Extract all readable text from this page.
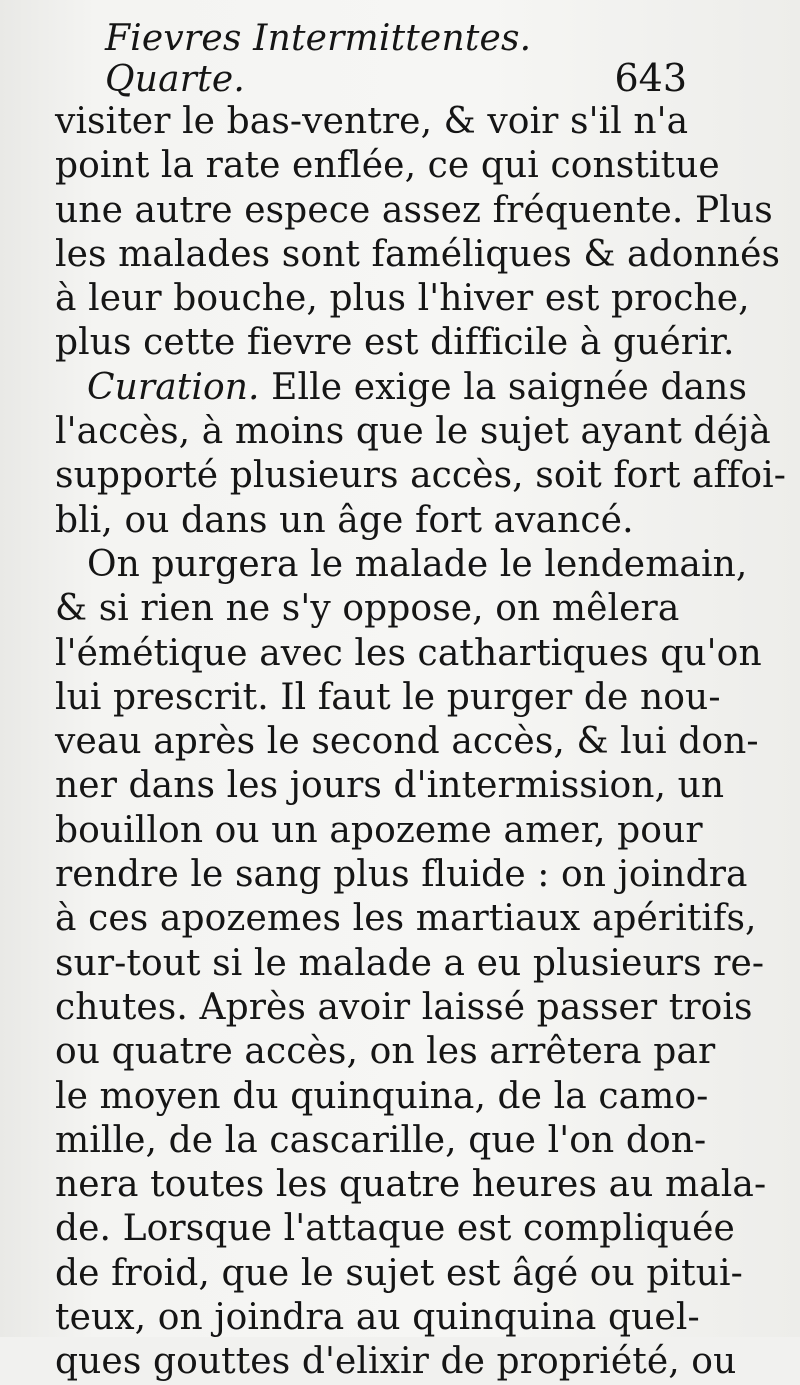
Fievres Intermittentes. Quarte.	643
visiter le bas-ventre, & voir s'il n'a
point la rate enflée, ce qui constitue
une autre espece assez fréquente. Plus
les malades sont faméliques & adonnés
à leur bouche, plus l'hiver est proche,
plus cette fievre est difficile à guérir.
Curation. Elle exige la saignée dans
l'accès, à moins que le sujet ayant déjà
supporté plusieurs accès, soit fort affoi-
bli, ou dans un âge fort avancé.
On purgera le malade le lendemain,
& si rien ne s'y oppose, on mêlera
l'émétique avec les cathartiques qu'on
lui prescrit. Il faut le purger de nou-
veau après le second accès, & lui don-
ner dans les jours d'intermission, un
bouillon ou un apozeme amer, pour
rendre le sang plus fluide : on joindra
à ces apozemes les martiaux apéritifs,
sur-tout si le malade a eu plusieurs re-
chutes. Après avoir laissé passer trois
ou quatre accès, on les arrêtera par
le moyen du quinquina, de la camo-
mille, de la cascarille, que l'on don-
nera toutes les quatre heures au mala-
de. Lorsque l'attaque est compliquée
de froid, que le sujet est âgé ou pitui-
teux, on joindra au quinquina quel-
ques gouttes d'elixir de propriété, ou
